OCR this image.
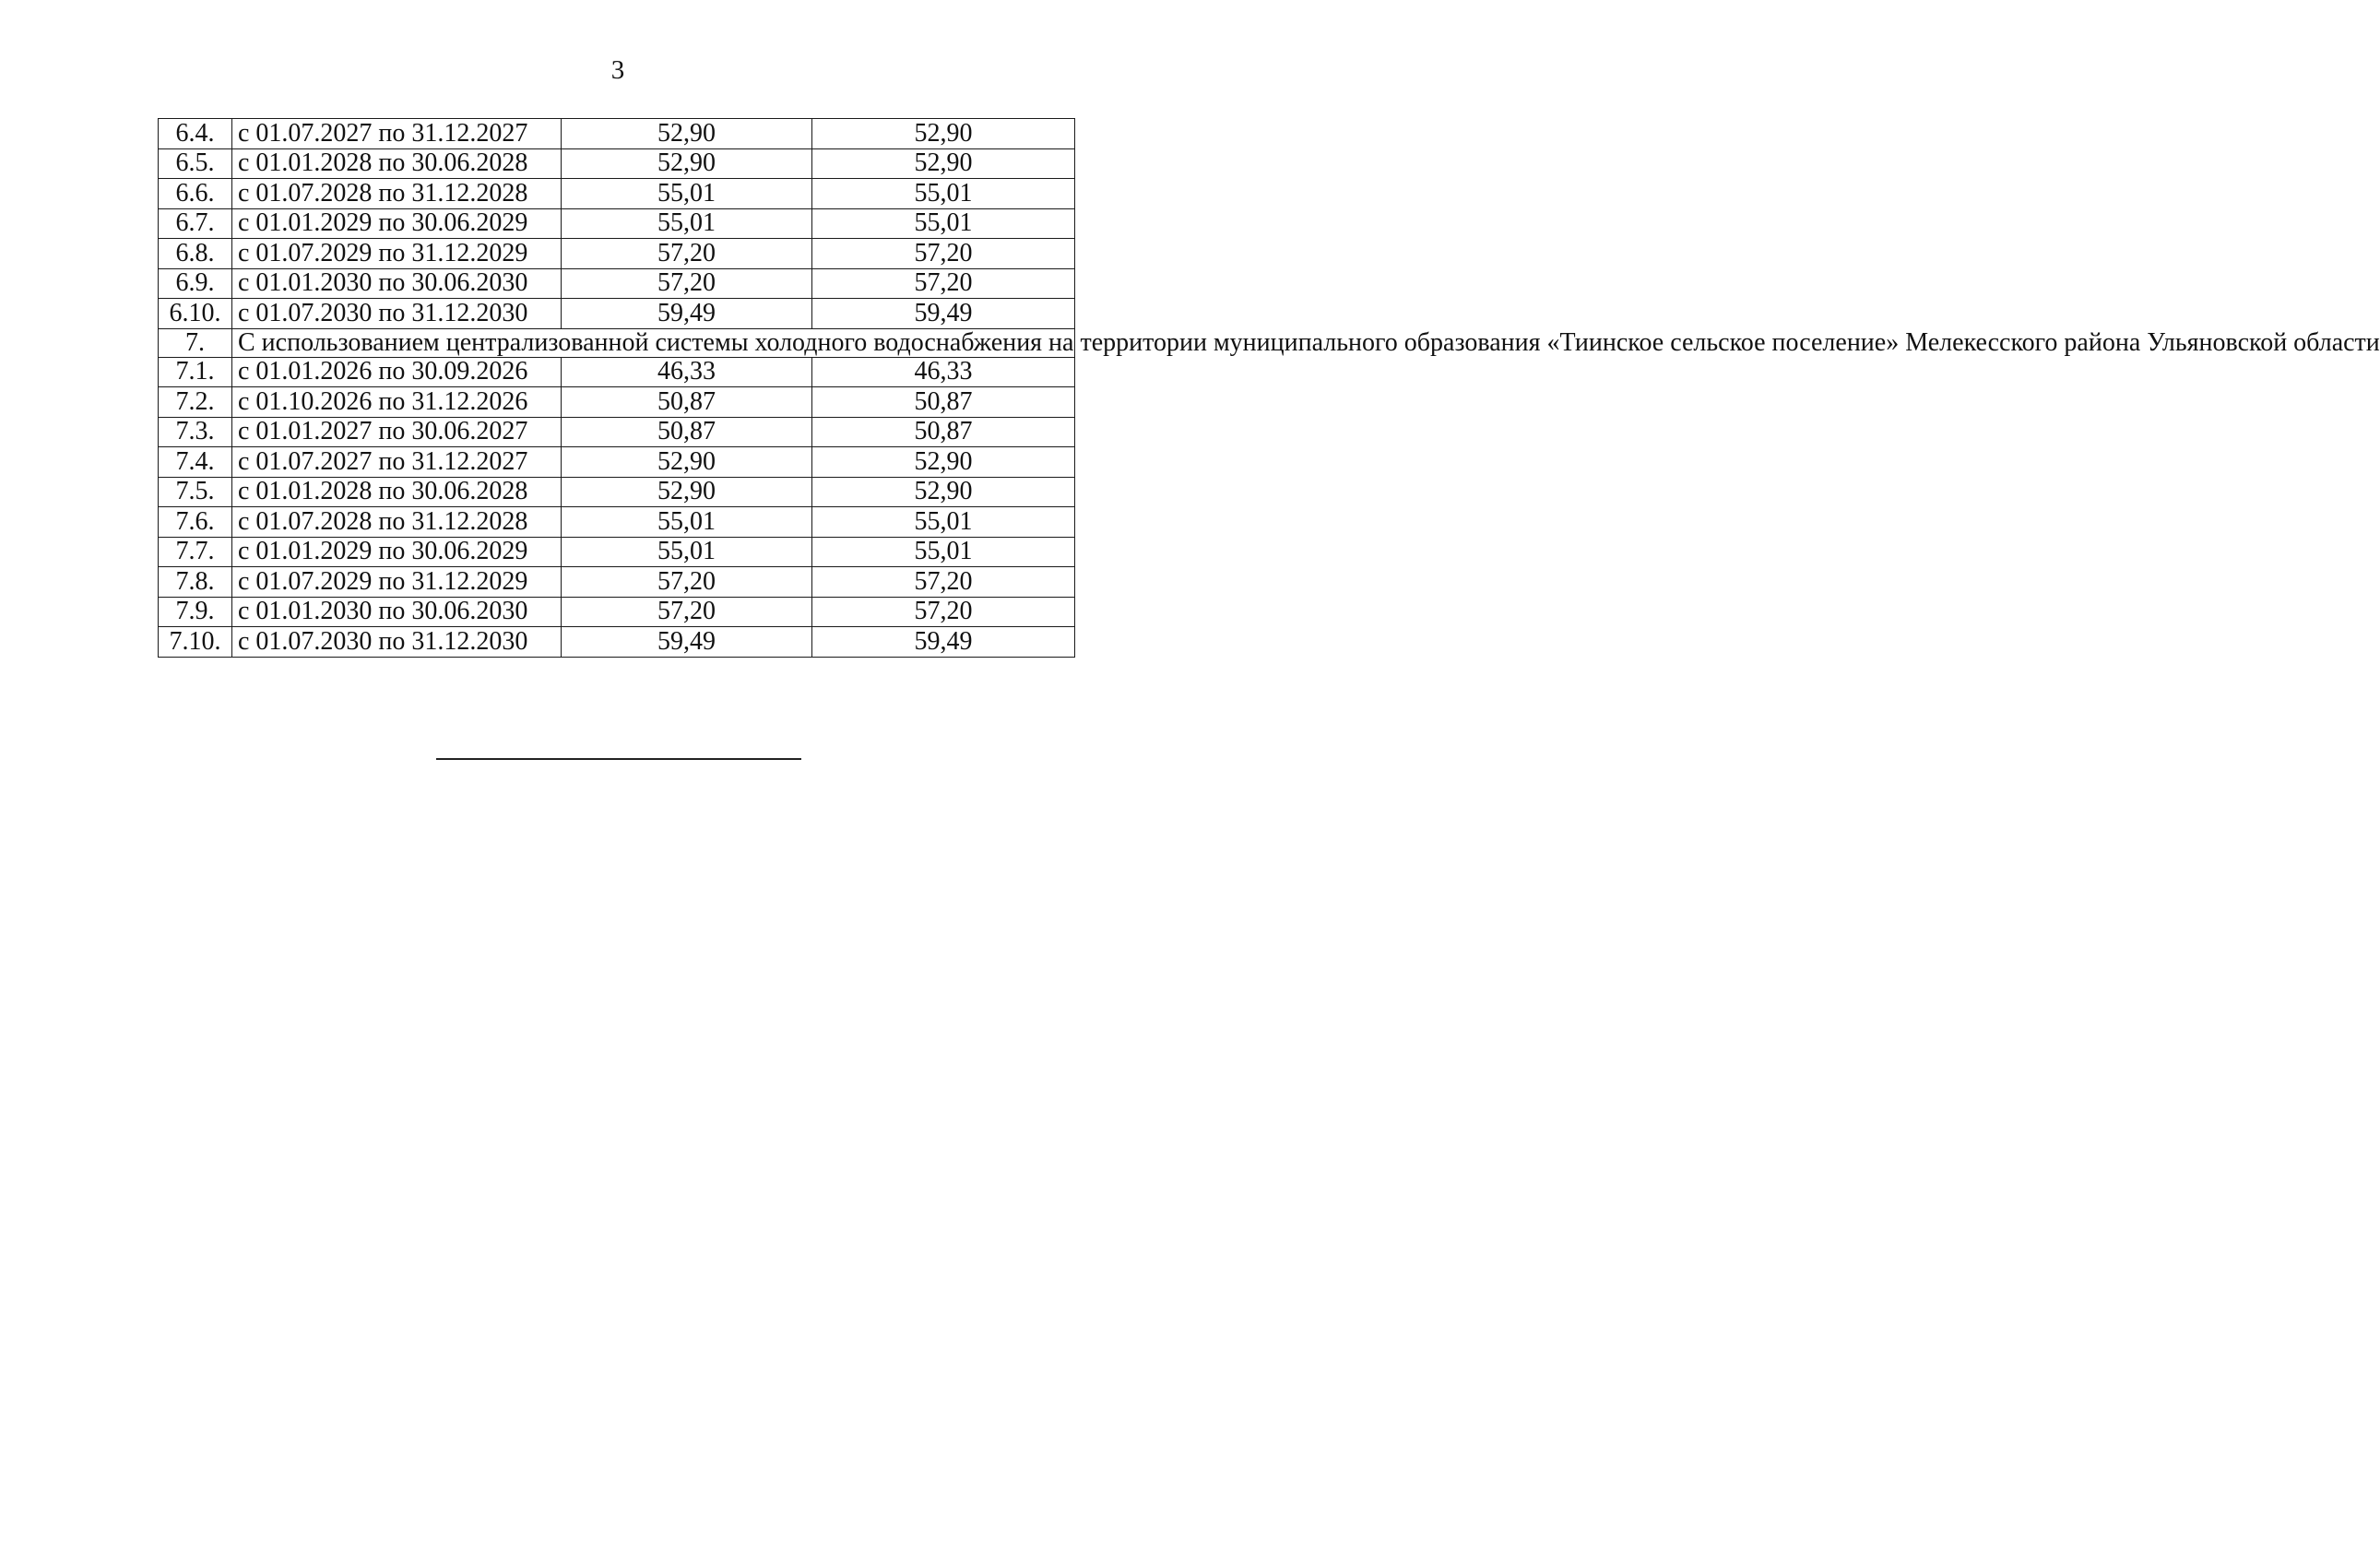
3
6.4.	с 01.07.2027 по 31.12.2027	52,90	52,90
6.5.	с 01.01.2028 по 30.06.2028	52,90	52,90
6.6.	с 01.07.2028 по 31.12.2028	55,01	55,01
6.7.	с 01.01.2029 по 30.06.2029	55,01	55,01
6.8.	с 01.07.2029 по 31.12.2029	57,20	57,20
6.9.	с 01.01.2030 по 30.06.2030	57,20	57,20
6.10.	с 01.07.2030 по 31.12.2030	59,49	59,49
7.	С использованием централизованной системы холодного водоснабжения на территории муниципального образования «Тиинское сельское поселение» Мелекесского района Ульяновской области		
7.1.	с 01.01.2026 по 30.09.2026	46,33	46,33
7.2.	с 01.10.2026 по 31.12.2026	50,87	50,87
7.3.	с 01.01.2027 по 30.06.2027	50,87	50,87
7.4.	с 01.07.2027 по 31.12.2027	52,90	52,90
7.5.	с 01.01.2028 по 30.06.2028	52,90	52,90
7.6.	с 01.07.2028 по 31.12.2028	55,01	55,01
7.7.	с 01.01.2029 по 30.06.2029	55,01	55,01
7.8.	с 01.07.2029 по 31.12.2029	57,20	57,20
7.9.	с 01.01.2030 по 30.06.2030	57,20	57,20
7.10.	с 01.07.2030 по 31.12.2030	59,49	59,49
